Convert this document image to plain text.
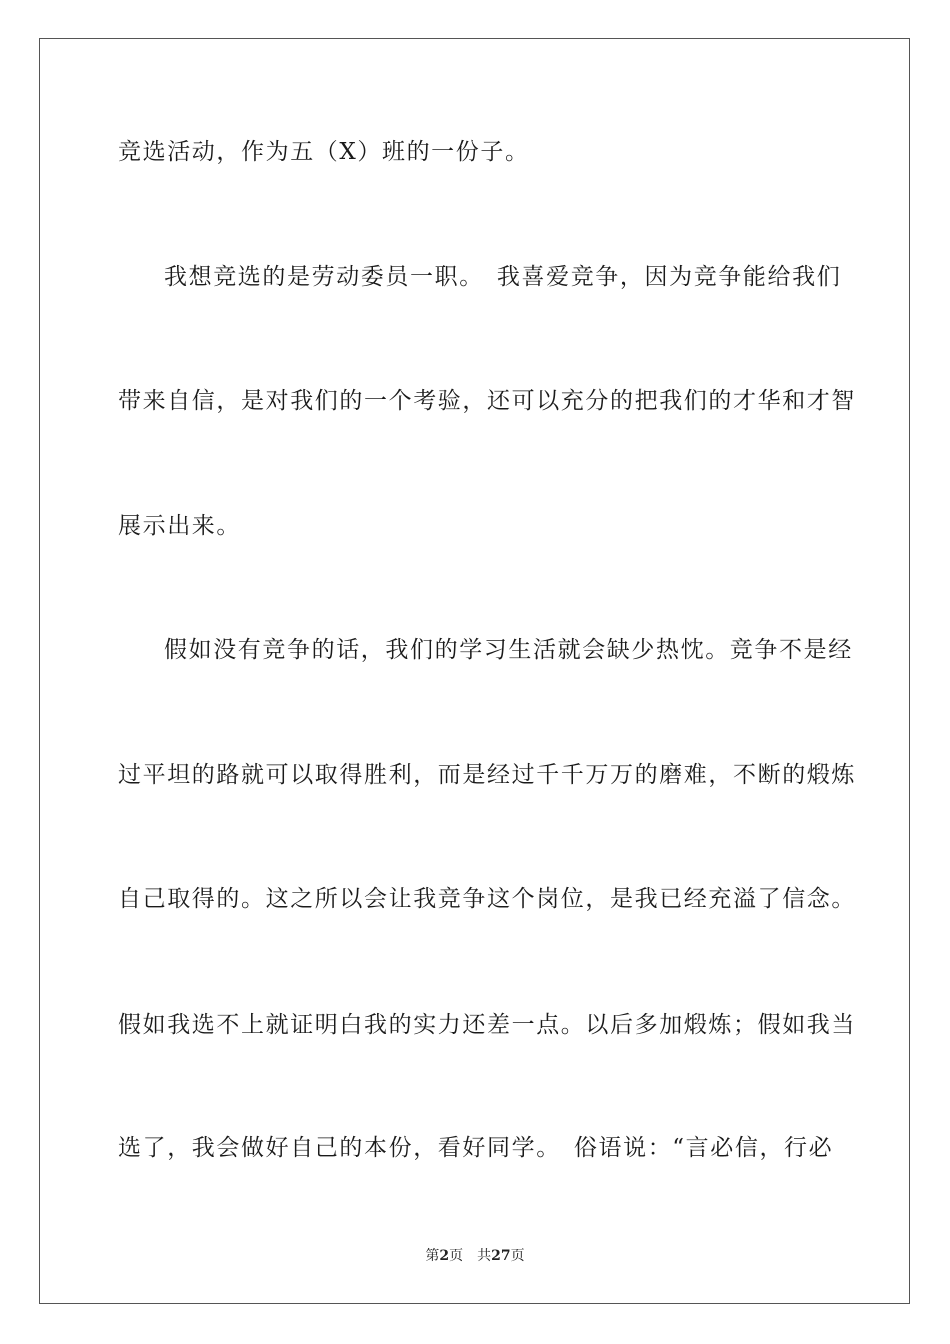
竞选活动，作为五（X）班的一份子。
我想竞选的是劳动委员一职。　我喜爱竞争，因为竞争能给我们
带来自信，是对我们的一个考验，还可以充分的把我们的才华和才智
展示出来。
假如没有竞争的话，我们的学习生活就会缺少热忱。竞争不是经
过平坦的路就可以取得胜利，而是经过千千万万的磨难，不断的煅炼
自己取得的。这之所以会让我竞争这个岗位，是我已经充溢了信念。
假如我选不上就证明白我的实力还差一点。以后多加煅炼；假如我当
选了，我会做好自己的本份，看好同学。　俗语说：“言必信，行必
第2页 共27页
